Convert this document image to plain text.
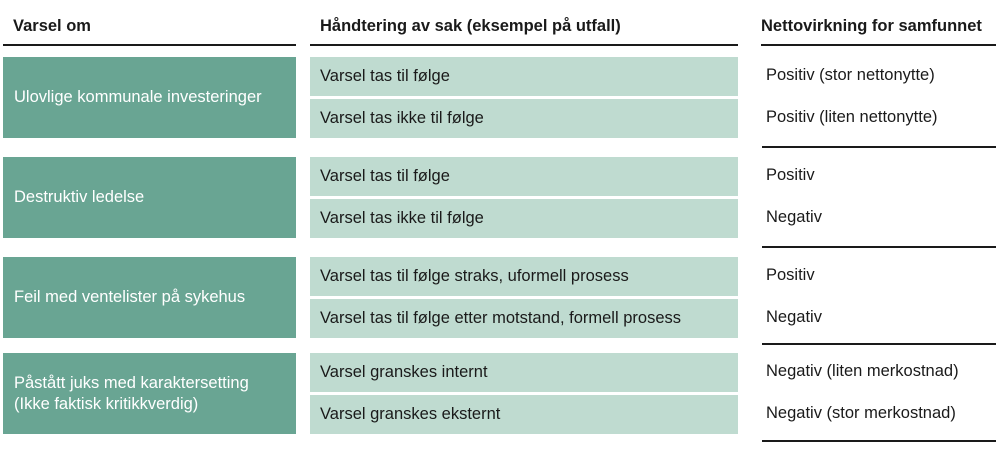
Varsel om	Håndtering av sak (eksempel på utfall)	Nettovirkning for samfunnet
Ulovlige kommunale investeringer
Varsel tas til følge
Varsel tas ikke til følge
Positiv (stor nettonytte)
Positiv (liten nettonytte)
Destruktiv ledelse
Varsel tas til følge
Varsel tas ikke til følge
Positiv
Negativ
Feil med ventelister på sykehus
Varsel tas til følge straks, uformell prosess
Varsel tas til følge etter motstand, formell prosess
Positiv
Negativ
Påstått juks med karaktersetting
(Ikke faktisk kritikkverdig)
Varsel granskes internt
Varsel granskes eksternt
Negativ (liten merkostnad)
Negativ (stor merkostnad)
